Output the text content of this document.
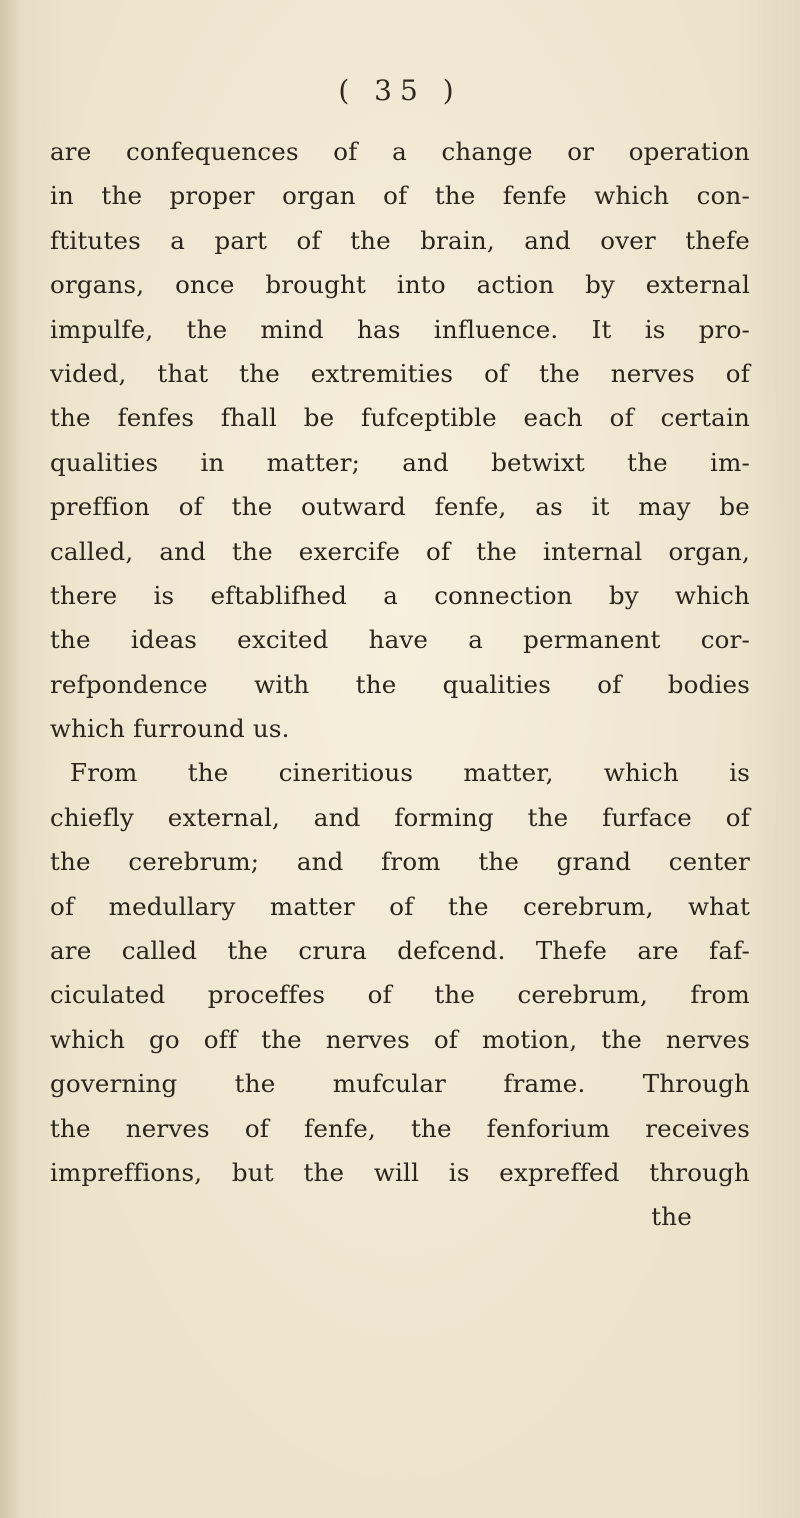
( 35 )
are confequences of a change or operation
in the proper organ of the fenfe which con-
ftitutes a part of the brain, and over thefe
organs, once brought into action by external
impulfe, the mind has influence. It is pro-
vided, that the extremities of the nerves of
the fenfes fhall be fufceptible each of certain
qualities in matter; and betwixt the im-
preffion of the outward fenfe, as it may be
called, and the exercife of the internal organ,
there is eftablifhed a connection by which
the ideas excited have a permanent cor-
refpondence with the qualities of bodies
which furround us.
From the cineritious matter, which is
chiefly external, and forming the furface of
the cerebrum; and from the grand center
of medullary matter of the cerebrum, what
are called the crura defcend. Thefe are faf-
ciculated proceffes of the cerebrum, from
which go off the nerves of motion, the nerves
governing the mufcular frame. Through
the nerves of fenfe, the fenforium receives
impreffions, but the will is expreffed through
the
